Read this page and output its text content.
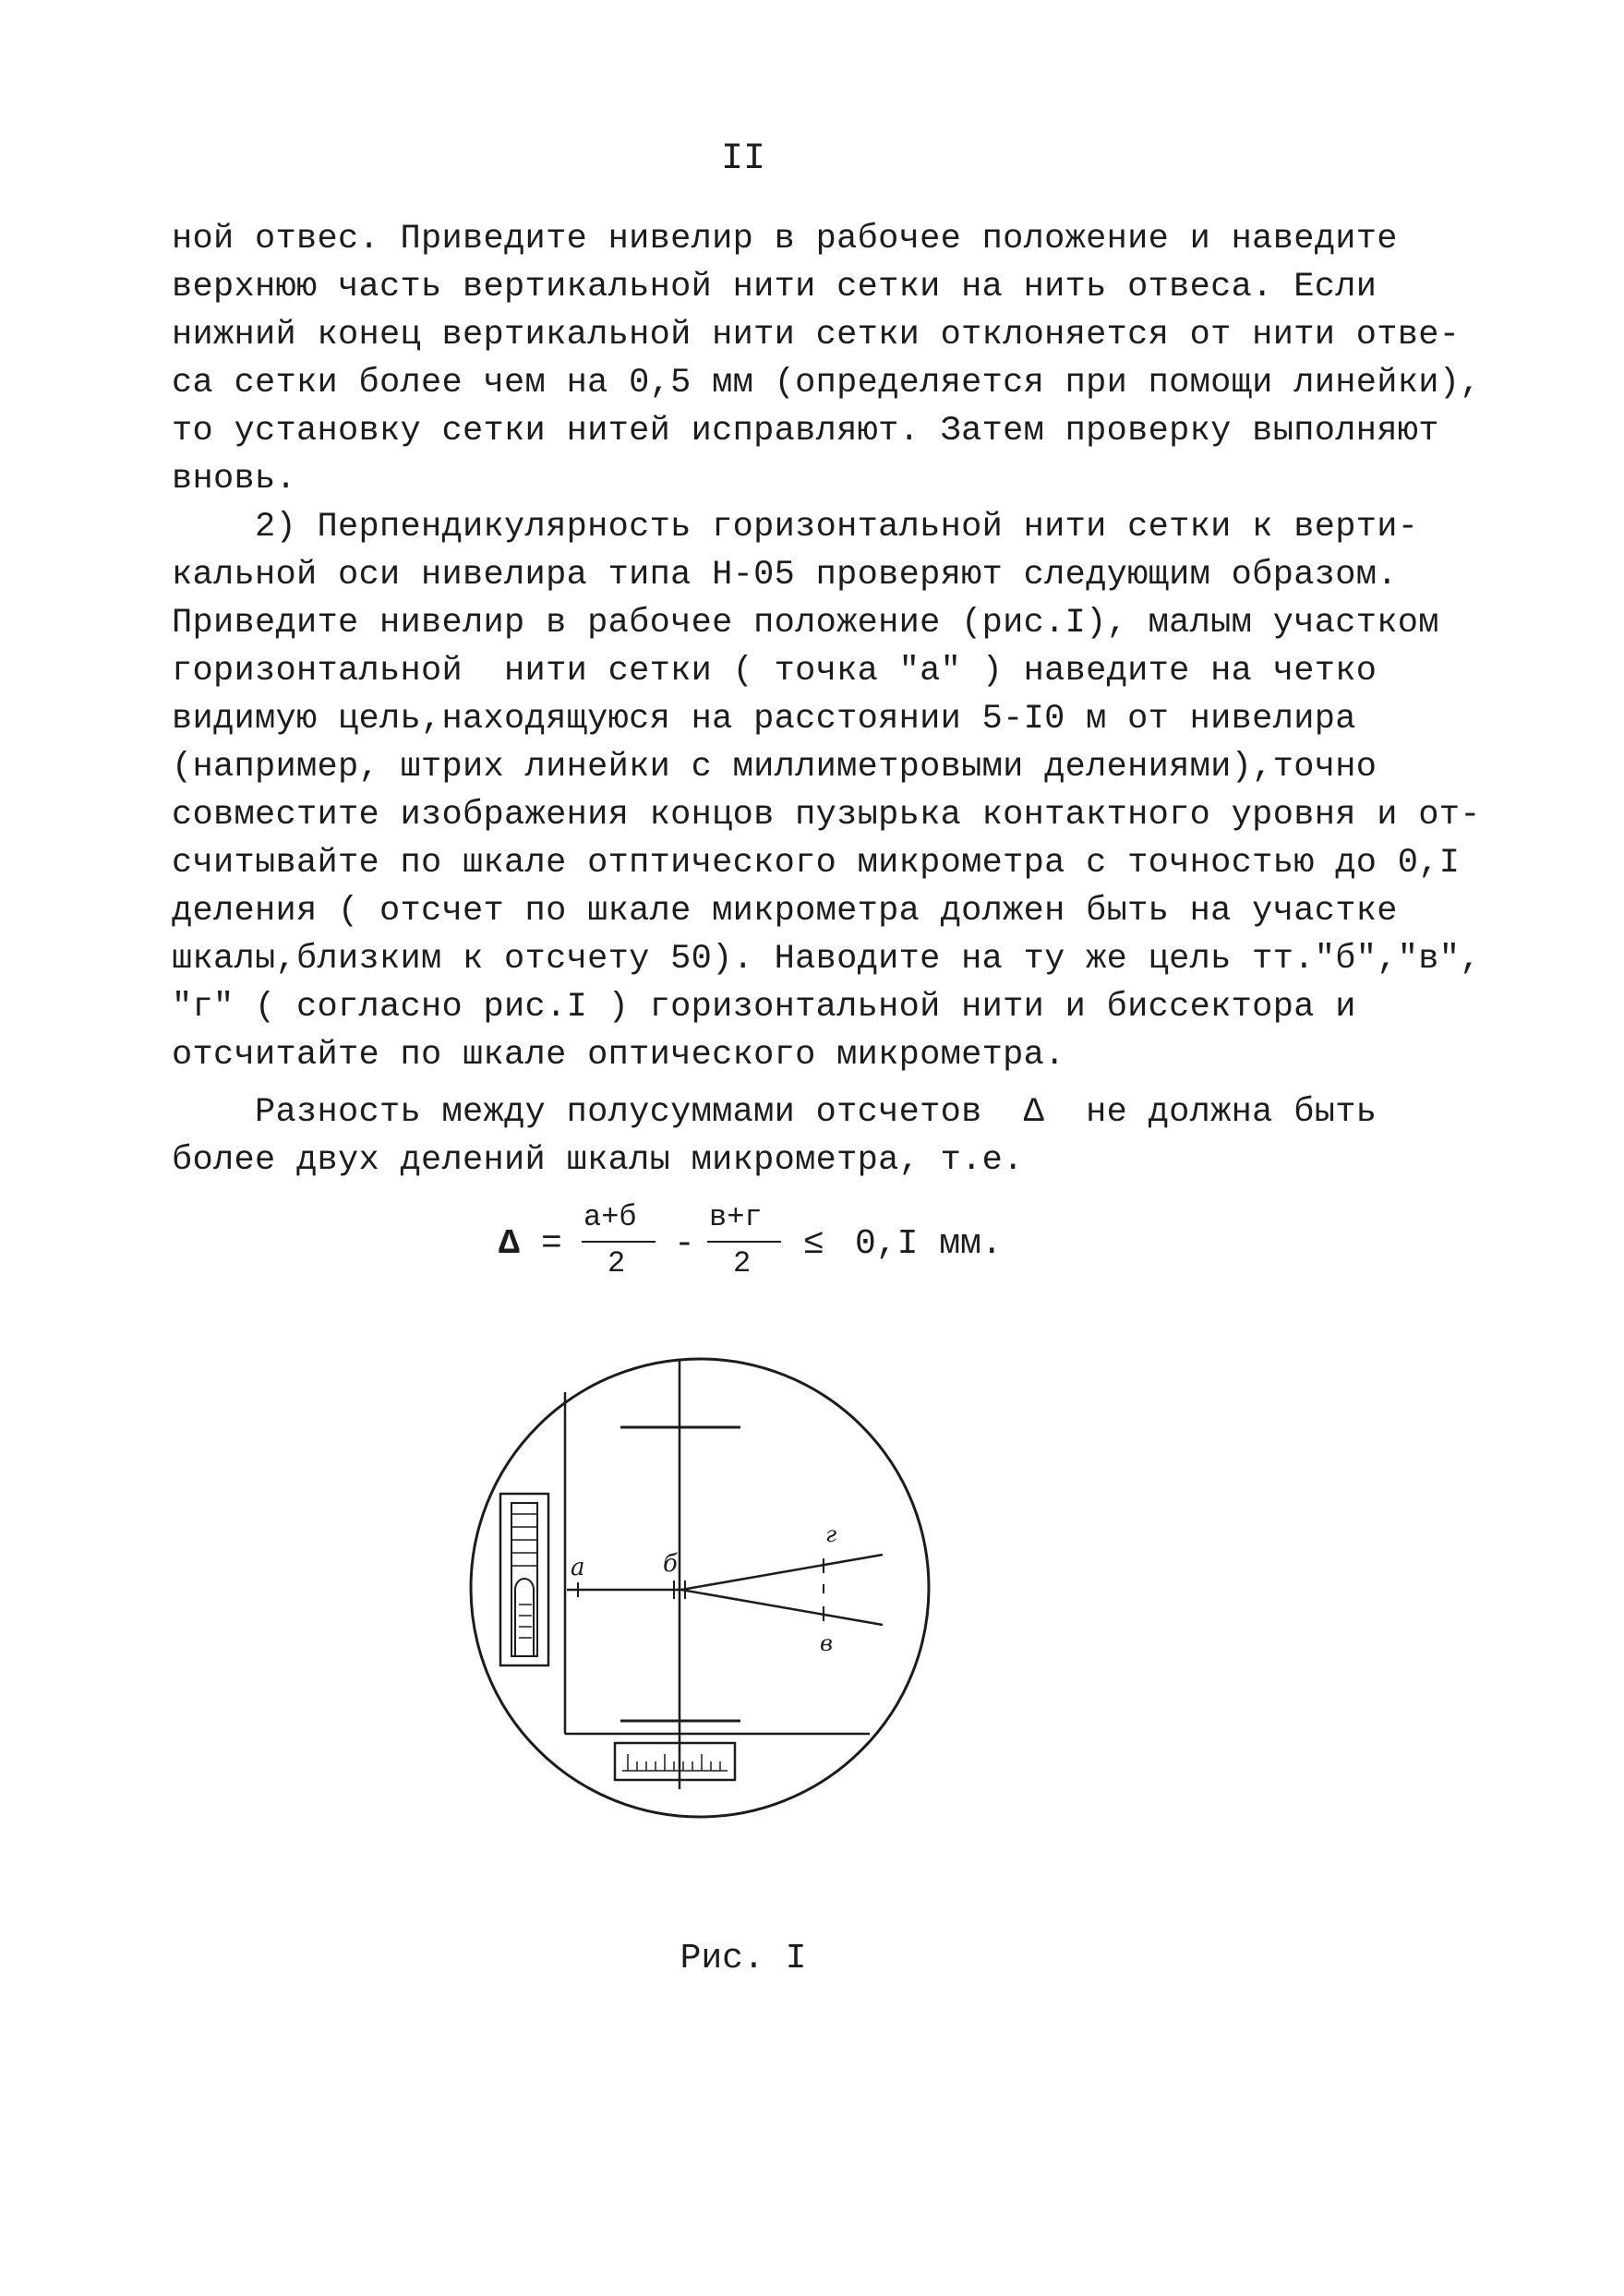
II
ной отвес. Приведите нивелир в рабочее положение и наведите
верхнюю часть вертикальной нити сетки на нить отвеса. Если
нижний конец вертикальной нити сетки отклоняется от нити отве-
са сетки более чем на 0,5 мм (определяется при помощи линейки),
то установку сетки нитей исправляют. Затем проверку выполняют
вновь.
2) Перпендикулярность горизонтальной нити сетки к верти-
кальной оси нивелира типа Н-05 проверяют следующим образом.
Приведите нивелир в рабочее положение (рис.I), малым участком
горизонтальной  нити сетки ( точка "а" ) наведите на четко
видимую цель,находящуюся на расстоянии 5-I0 м от нивелира
(например, штрих линейки с миллиметровыми делениями),точно
совместите изображения концов пузырька контактного уровня и от-
считывайте по шкале отптического микрометра с точностью до 0,I
деления ( отсчет по шкале микрометра должен быть на участке
шкалы,близким к отсчету 50). Наводите на ту же цель тт."б","в",
"г" ( согласно рис.I ) горизонтальной нити и биссектора и
отсчитайте по шкале оптического микрометра.
Разность между полусуммами отсчетов  Δ  не должна быть
более двух делений шкалы микрометра, т.е.
Δ =
а+б
2 -
в+г
2 ≤ 0,I мм.
а	б
г
в
Рис. I
